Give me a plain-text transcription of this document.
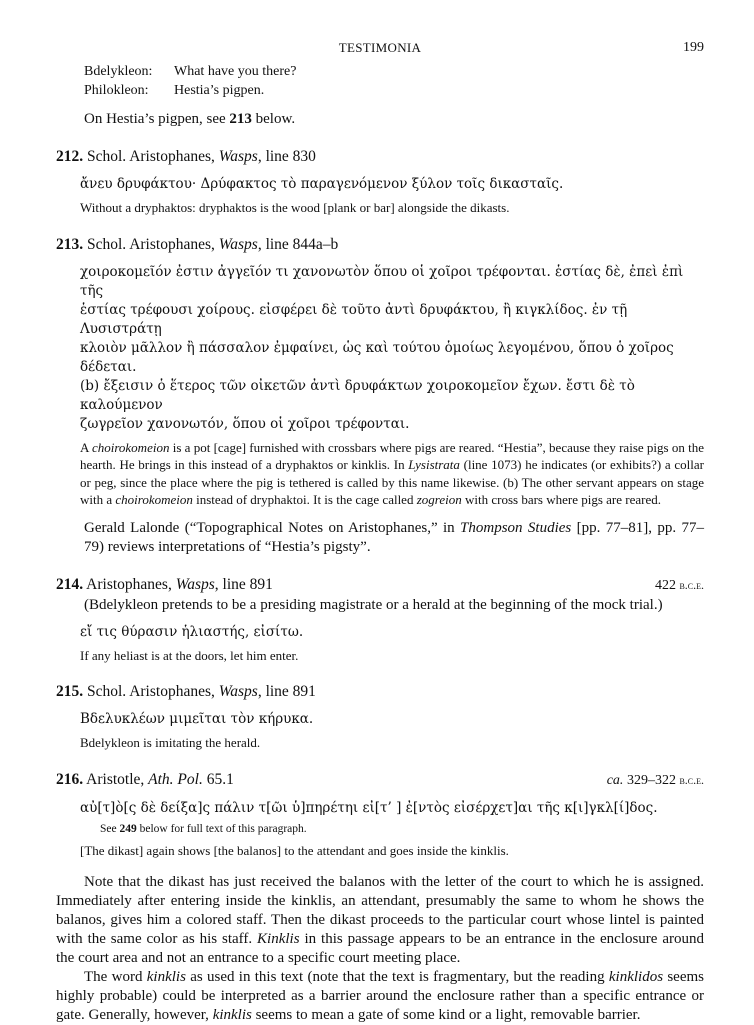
TESTIMONIA	199
Bdelykleon:	What have you there?
Philokleon:	Hestia’s pigpen.
On Hestia’s pigpen, see 213 below.
212. Schol. Aristophanes, Wasps, line 830
ἄνευ δρυφάκτου· Δρύφακτος τὸ παραγενόμενον ξύλον τοῖς δικασταῖς.
Without a dryphaktos: dryphaktos is the wood [plank or bar] alongside the dikasts.
213. Schol. Aristophanes, Wasps, line 844a–b
χοιροκομεῖόν ἐστιν ἀγγεῖόν τι χανονωτὸν ὅπου οἱ χοῖροι τρέφονται. ἑστίας δὲ, ἐπεὶ ἐπὶ τῆς
ἑστίας τρέφουσι χοίρους. εἰσφέρει δὲ τοῦτο ἀντὶ δρυφάκτου, ἢ κιγκλίδος. ἐν τῇ Λυσιστράτῃ
κλοιὸν μᾶλλον ἢ πάσσαλον ἐμφαίνει, ὡς καὶ τούτου ὁμοίως λεγομένου, ὅπου ὁ χοῖρος δέδεται.
(b) ἔξεισιν ὁ ἕτερος τῶν οἰκετῶν ἀντὶ δρυφάκτων χοιροκομεῖον ἔχων. ἔστι δὲ τὸ καλούμενον
ζωγρεῖον χανονωτόν, ὅπου οἱ χοῖροι τρέφονται.
A choirokomeion is a pot [cage] furnished with crossbars where pigs are reared. “Hestia”, because they raise pigs on the hearth. He brings in this instead of a dryphaktos or kinklis. In Lysistrata (line 1073) he indicates (or exhibits?) a collar or peg, since the place where the pig is tethered is called by this name likewise. (b) The other servant appears on stage with a choirokomeion instead of dryphaktoi. It is the cage called zogreion with cross bars where pigs are reared.
Gerald Lalonde (“Topographical Notes on Aristophanes,” in Thompson Studies [pp. 77–81], pp. 77–79) reviews interpretations of “Hestia’s pigsty”.
214. Aristophanes, Wasps, line 891	422 b.c.e.
(Bdelykleon pretends to be a presiding magistrate or a herald at the beginning of the mock trial.)
εἴ τις θύρασιν ἡλιαστής, εἰσίτω.
If any heliast is at the doors, let him enter.
215. Schol. Aristophanes, Wasps, line 891
Βδελυκλέων μιμεῖται τὸν κήρυκα.
Bdelykleon is imitating the herald.
216. Aristotle, Ath. Pol. 65.1	ca. 329–322 b.c.e.
αὐ[τ]ὸ[ς δὲ δείξα]ς πάλιν τ[ῶι ὑ]πηρέτηι εἰ[τ’ ] ἐ[ντὸς εἰσέρχετ]αι τῆς κ[ι]γκλ[ί]δος.
See 249 below for full text of this paragraph.
[The dikast] again shows [the balanos] to the attendant and goes inside the kinklis.
Note that the dikast has just received the balanos with the letter of the court to which he is assigned. Immediately after entering inside the kinklis, an attendant, presumably the same to whom he shows the balanos, gives him a colored staff. Then the dikast proceeds to the particular court whose lintel is painted with the same color as his staff. Kinklis in this passage appears to be an entrance in the enclosure around the court area and not an entrance to a specific court meeting place.
The word kinklis as used in this text (note that the text is fragmentary, but the reading kinklidos seems highly probable) could be interpreted as a barrier around the enclosure rather than a specific entrance or gate. Generally, however, kinklis seems to mean a gate of some kind or a light, removable barrier.
